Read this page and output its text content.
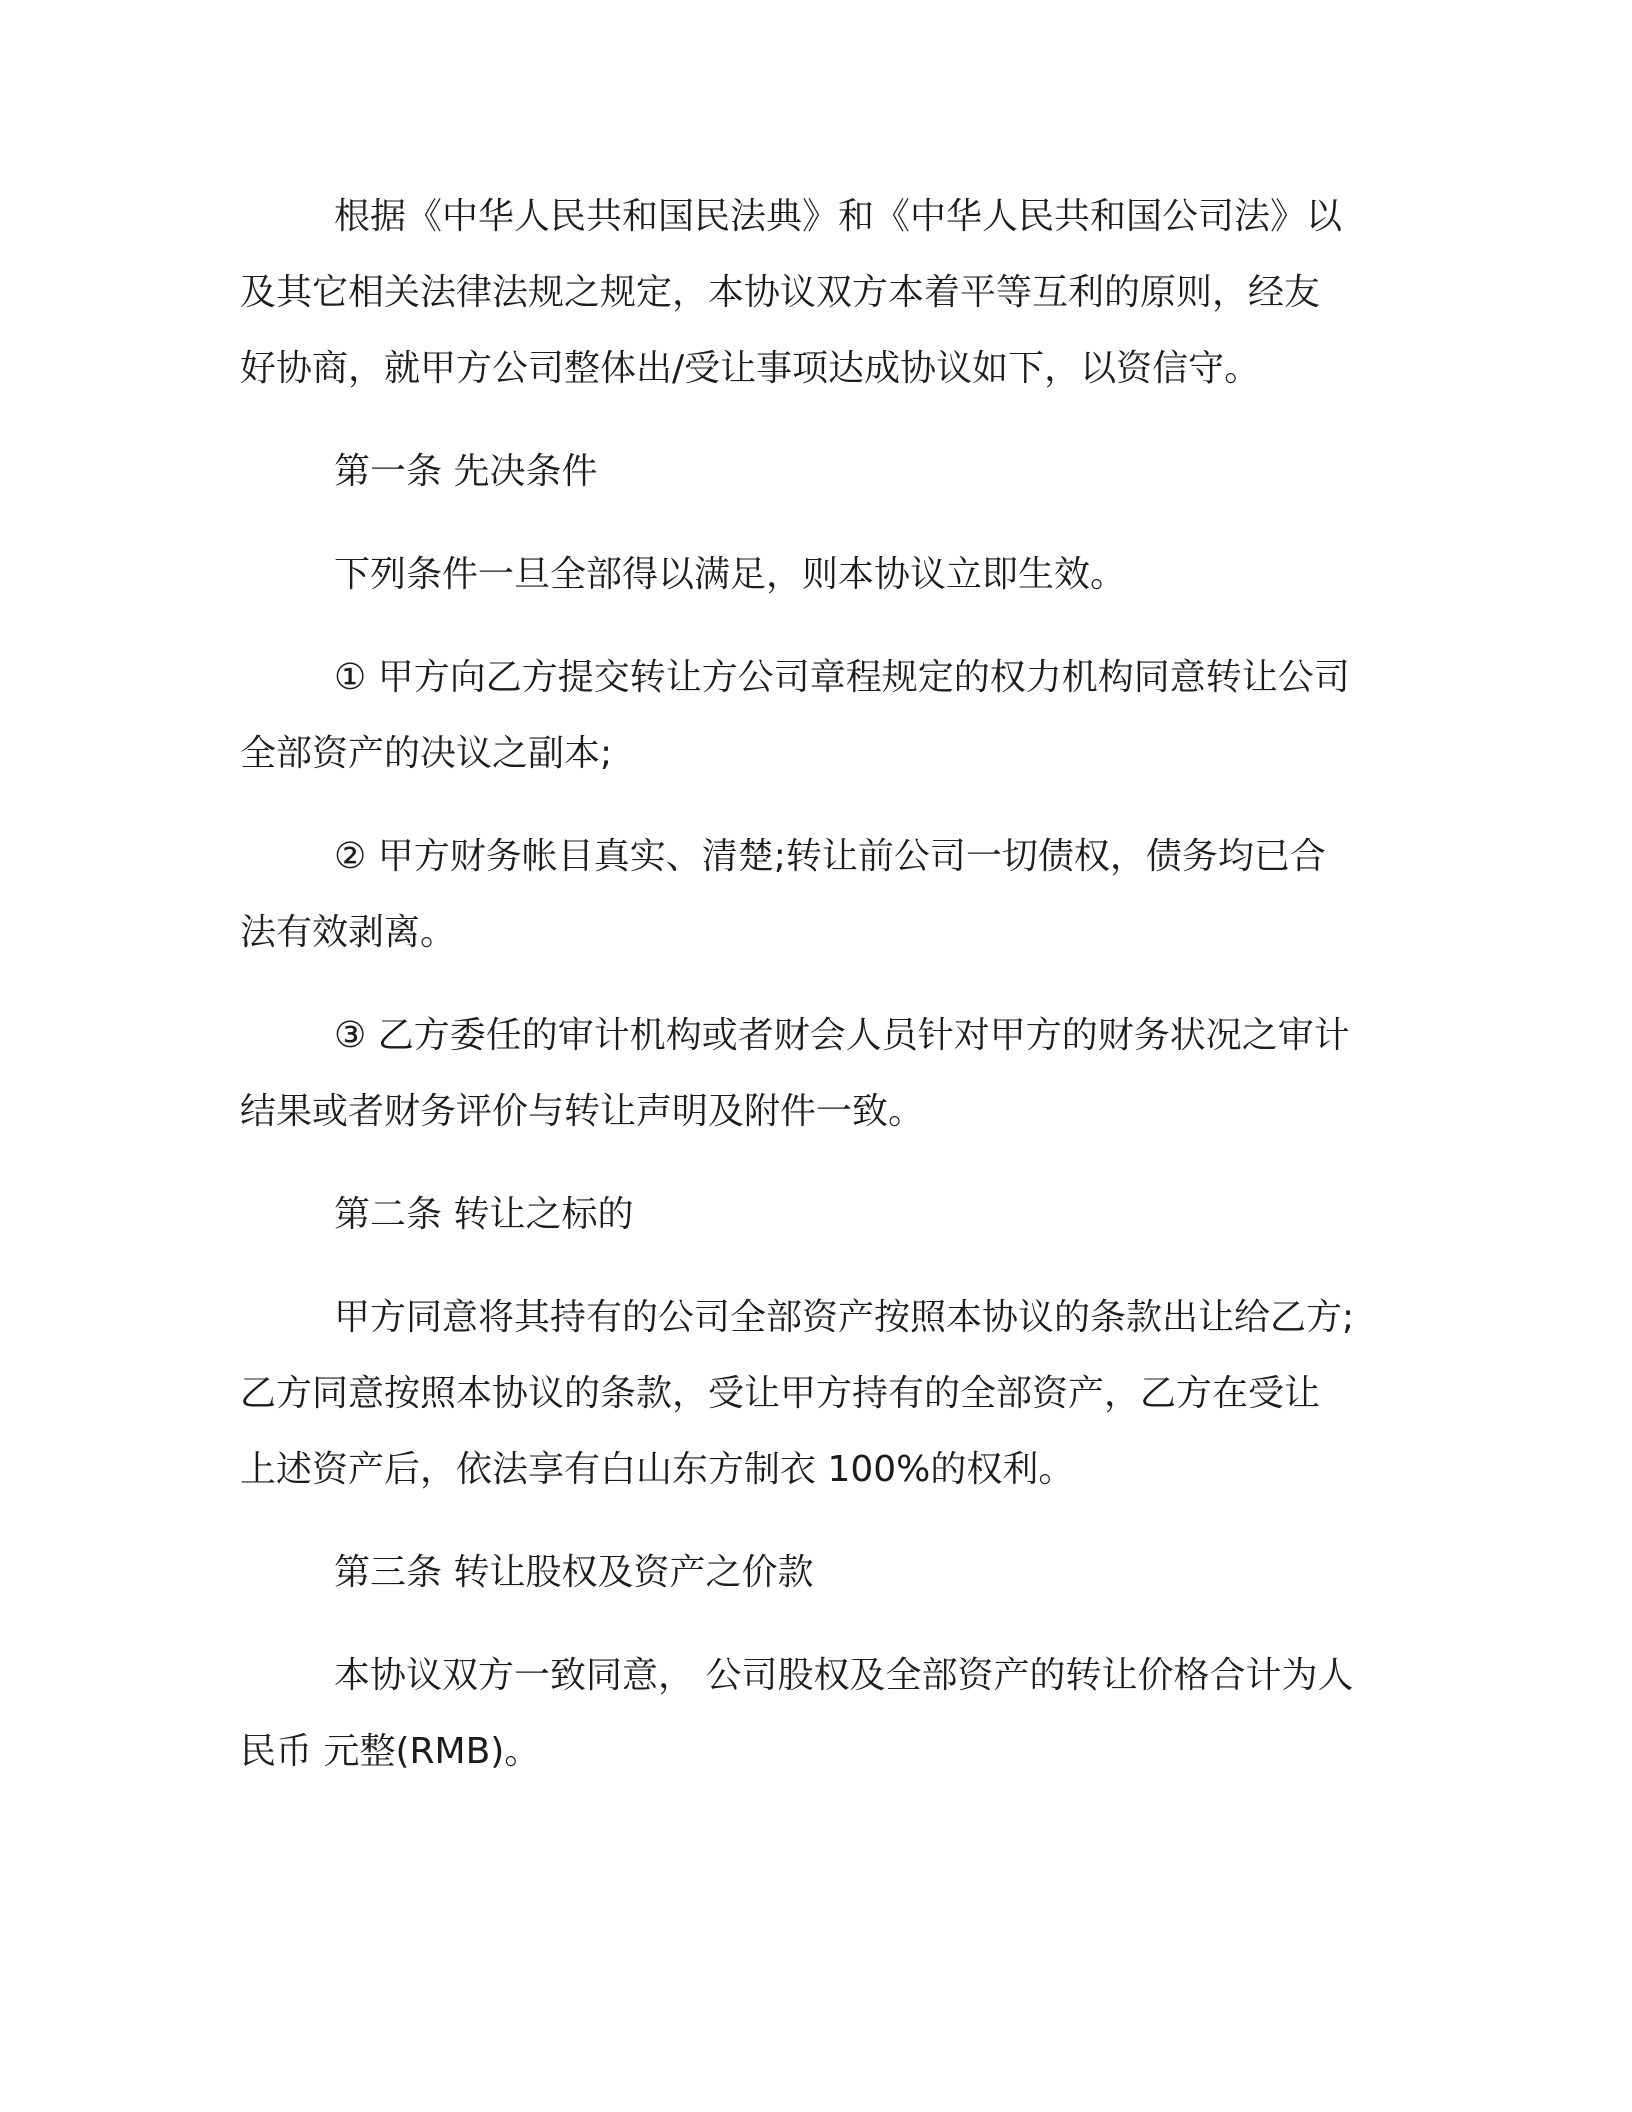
根据《中华人民共和国民法典》和《中华人民共和国公司法》以
及其它相关法律法规之规定，本协议双方本着平等互利的原则，经友
好协商，就甲方公司整体出/受让事项达成协议如下，以资信守。
第一条 先决条件
下列条件一旦全部得以满足，则本协议立即生效。
① 甲方向乙方提交转让方公司章程规定的权力机构同意转让公司
全部资产的决议之副本;
② 甲方财务帐目真实、清楚;转让前公司一切债权，债务均已合
法有效剥离。
③ 乙方委任的审计机构或者财会人员针对甲方的财务状况之审计
结果或者财务评价与转让声明及附件一致。
第二条 转让之标的
甲方同意将其持有的公司全部资产按照本协议的条款出让给乙方;
乙方同意按照本协议的条款，受让甲方持有的全部资产，乙方在受让
上述资产后，依法享有白山东方制衣 100%的权利。
第三条 转让股权及资产之价款
本协议双方一致同意， 公司股权及全部资产的转让价格合计为人
民币 元整(RMB)。
